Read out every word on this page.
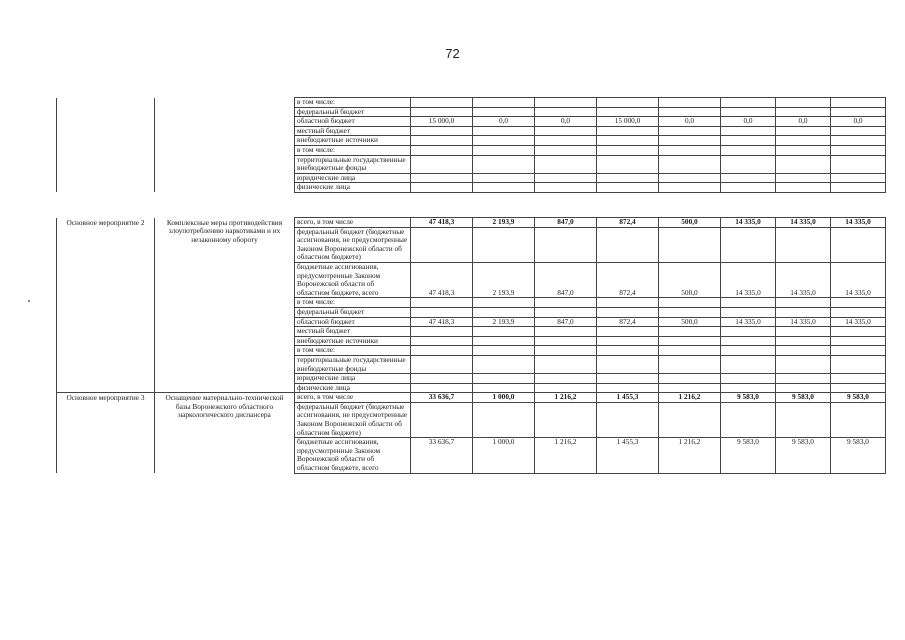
72
		в том числе:								
		федеральный бюджет								
		областной бюджет	15 000,0	0,0	0,0	15 000,0	0,0	0,0	0,0	0,0
		местный бюджет								
		внебюджетные источники								
		в том числе:								
		территориальные государственные внебюджетные фонды								
		юридические лица								
		физические лица								
Основное мероприятие 2	Комплексные меры противодействия злоупотреблению наркотиками и их незаконному обороту	всего, в том числе	47 418,3	2 193,9	847,0	872,4	500,0	14 335,0	14 335,0	14 335,0
		федеральный бюджет (бюджетные ассигнования, не предусмотренные Законом Воронежской области об областном бюджете)								
		бюджетные ассигнования, предусмотренные Законом Воронежской области об областном бюджете, всего	47 418,3	2 193,9	847,0	872,4	500,0	14 335,0	14 335,0	14 335,0
		в том числе:								
		федеральный бюджет								
		областной бюджет	47 418,3	2 193,9	847,0	872,4	500,0	14 335,0	14 335,0	14 335,0
		местный бюджет								
		внебюджетные источники								
		в том числе:								
		территориальные государственные внебюджетные фонды								
		юридические лица								
		физические лица								
Основное мероприятие 3	Оснащение материально-технической базы Воронежского областного наркологического диспансера	всего, в том числе	33 636,7	1 000,0	1 216,2	1 455,3	1 216,2	9 583,0	9 583,0	9 583,0
		федеральный бюджет (бюджетные ассигнования, не предусмотренные Законом Воронежской области об областном бюджете)								
		бюджетные ассигнования, предусмотренные Законом Воронежской области об областном бюджете, всего	33 636,7	1 000,0	1 216,2	1 455,3	1 216,2	9 583,0	9 583,0	9 583,0
